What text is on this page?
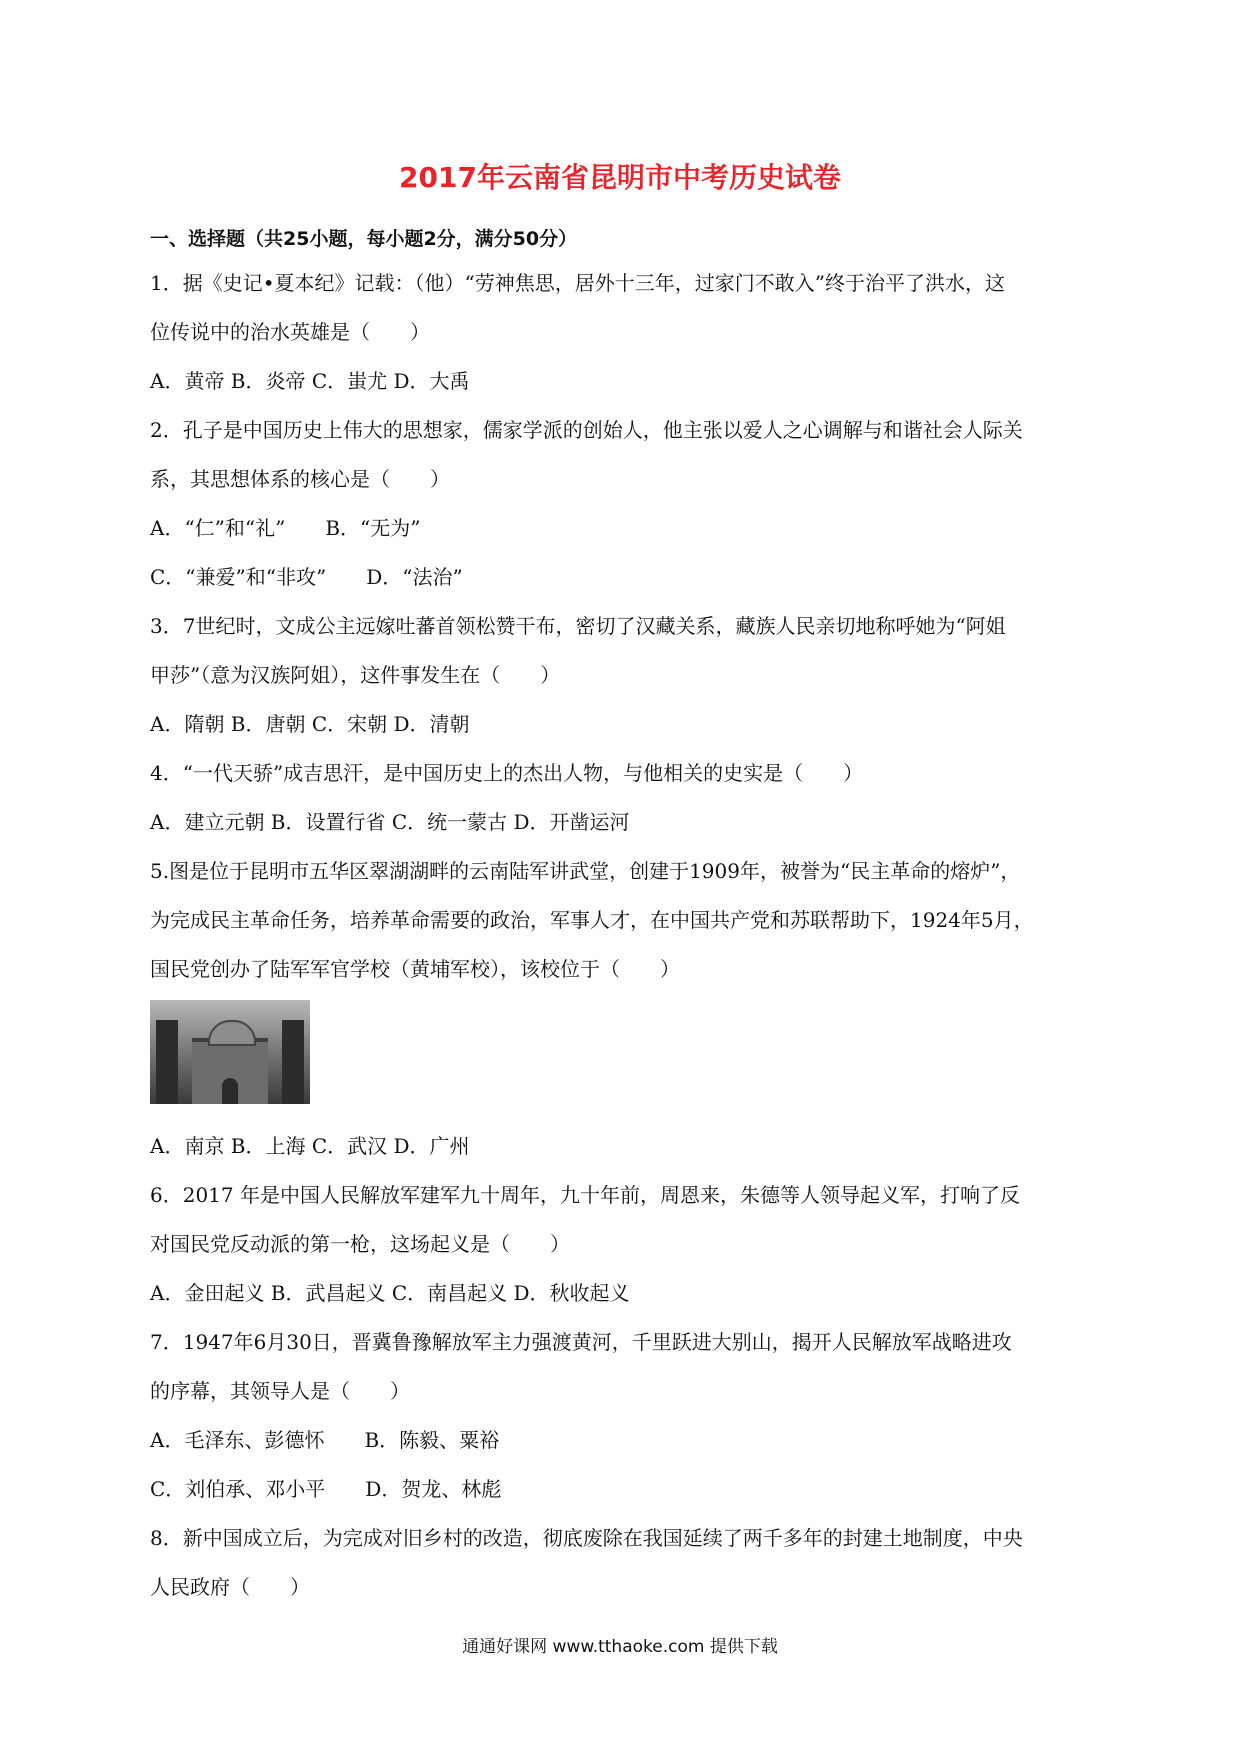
2017年云南省昆明市中考历史试卷

一、选择题（共25小题，每小题2分，满分50分）

1．据《史记•夏本纪》记载：（他）“劳神焦思，居外十三年，过家门不敢入”终于治平了洪水，这

位传说中的治水英雄是（　　）

A．黄帝 B．炎帝 C．蚩尤 D．大禹

2．孔子是中国历史上伟大的思想家，儒家学派的创始人，他主张以爱人之心调解与和谐社会人际关

系，其思想体系的核心是（　　）

A．“仁”和“礼”　　B．“无为”

C．“兼爱”和“非攻”　　D．“法治”

3．7世纪时，文成公主远嫁吐蕃首领松赞干布，密切了汉藏关系，藏族人民亲切地称呼她为“阿姐

甲莎”（意为汉族阿姐），这件事发生在（　　）

A．隋朝 B．唐朝 C．宋朝 D．清朝

4．“一代天骄”成吉思汗，是中国历史上的杰出人物，与他相关的史实是（　　）

A．建立元朝 B．设置行省 C．统一蒙古 D．开凿运河

5.图是位于昆明市五华区翠湖湖畔的云南陆军讲武堂，创建于1909年，被誉为“民主革命的熔炉”，

为完成民主革命任务，培养革命需要的政治，军事人才，在中国共产党和苏联帮助下，1924年5月，

国民党创办了陆军军官学校（黄埔军校），该校位于（　　）

A．南京 B．上海 C．武汉 D．广州

6．2017 年是中国人民解放军建军九十周年，九十年前，周恩来，朱德等人领导起义军，打响了反

对国民党反动派的第一枪，这场起义是（　　）

A．金田起义 B．武昌起义 C．南昌起义 D．秋收起义

7．1947年6月30日，晋冀鲁豫解放军主力强渡黄河，千里跃进大别山，揭开人民解放军战略进攻

的序幕，其领导人是（　　）

A．毛泽东、彭德怀　　B．陈毅、粟裕

C．刘伯承、邓小平　　D．贺龙、林彪

8．新中国成立后，为完成对旧乡村的改造，彻底废除在我国延续了两千多年的封建土地制度，中央

人民政府（　　）

通通好课网 www.tthaoke.com 提供下载
